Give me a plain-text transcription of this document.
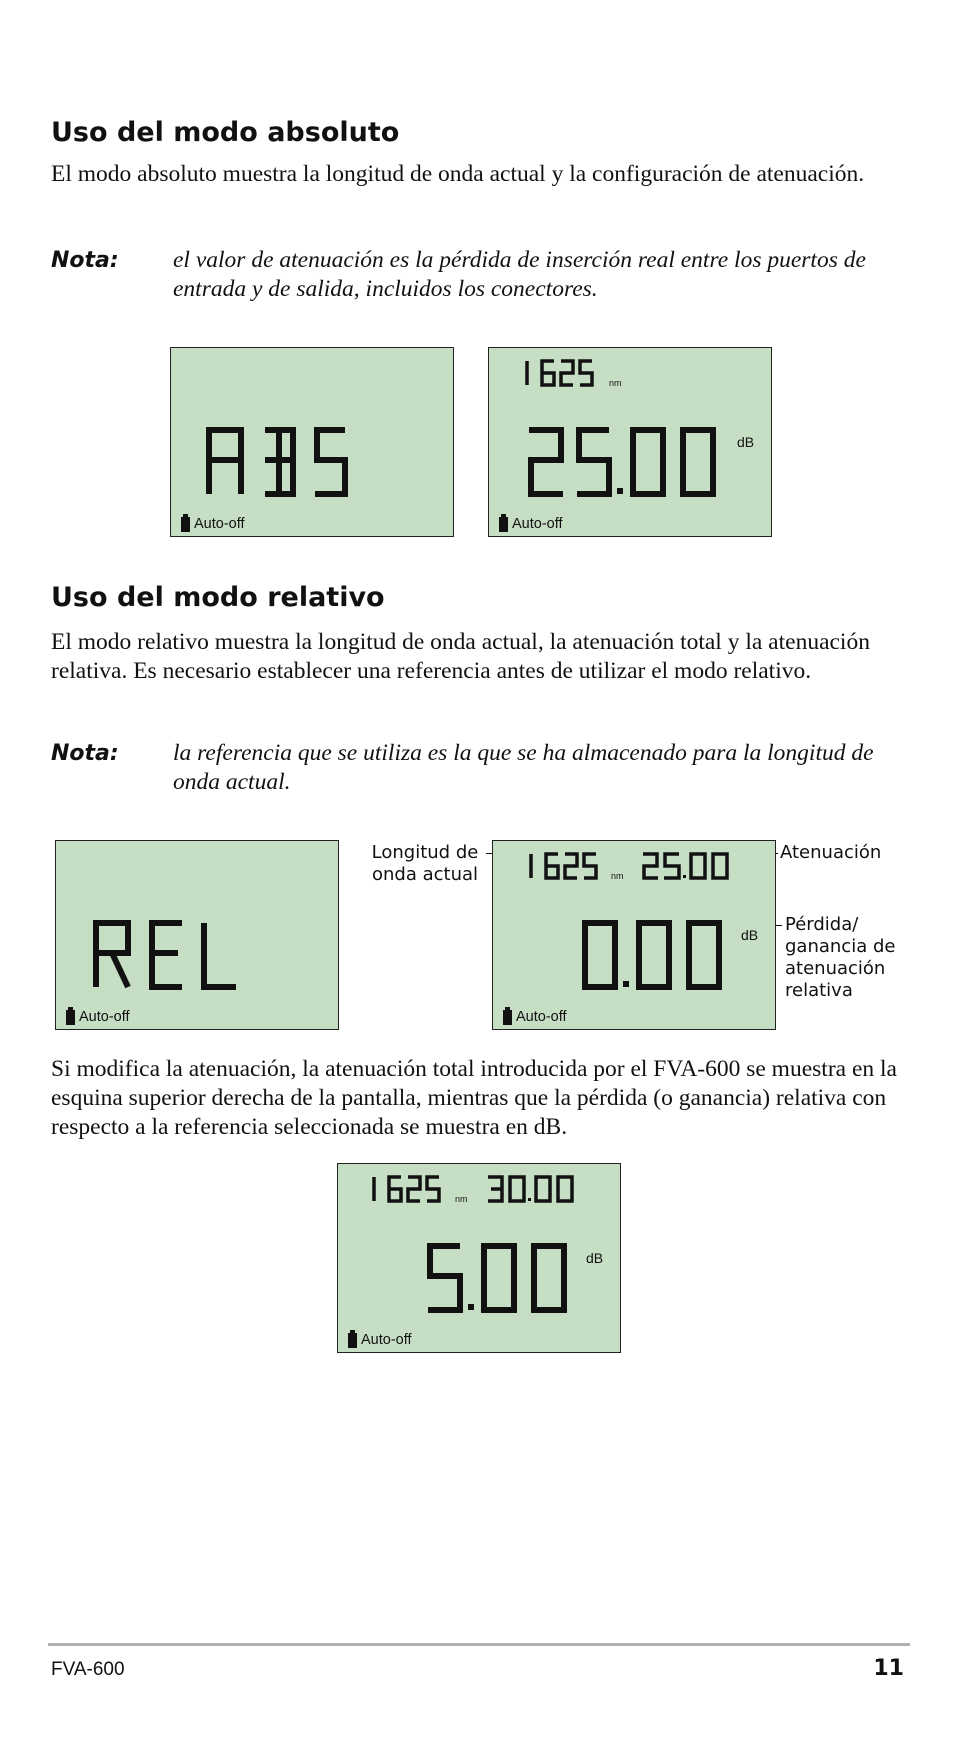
Uso del modo absoluto

El modo absoluto muestra la longitud de onda actual y la configuración de atenuación.

Nota: el valor de atenuación es la pérdida de inserción real entre los puertos de entrada y de salida, incluidos los conectores.

Auto-off
nm
dB
Auto-off
Uso del modo relativo

El modo relativo muestra la longitud de onda actual, la atenuación total y la atenuación relativa. Es necesario establecer una referencia antes de utilizar el modo relativo.

Nota: la referencia que se utiliza es la que se ha almacenado para la longitud de onda actual.

Auto-off
Longitud de onda actual
Atenuación
Pérdida/ ganancia de atenuación relativa
nm
dB
Auto-off

Si modifica la atenuación, la atenuación total introducida por el FVA-600 se muestra en la esquina superior derecha de la pantalla, mientras que la pérdida (o ganancia) relativa con respecto a la referencia seleccionada se muestra en dB.

nm
dB
Auto-off
FVA-600	11
